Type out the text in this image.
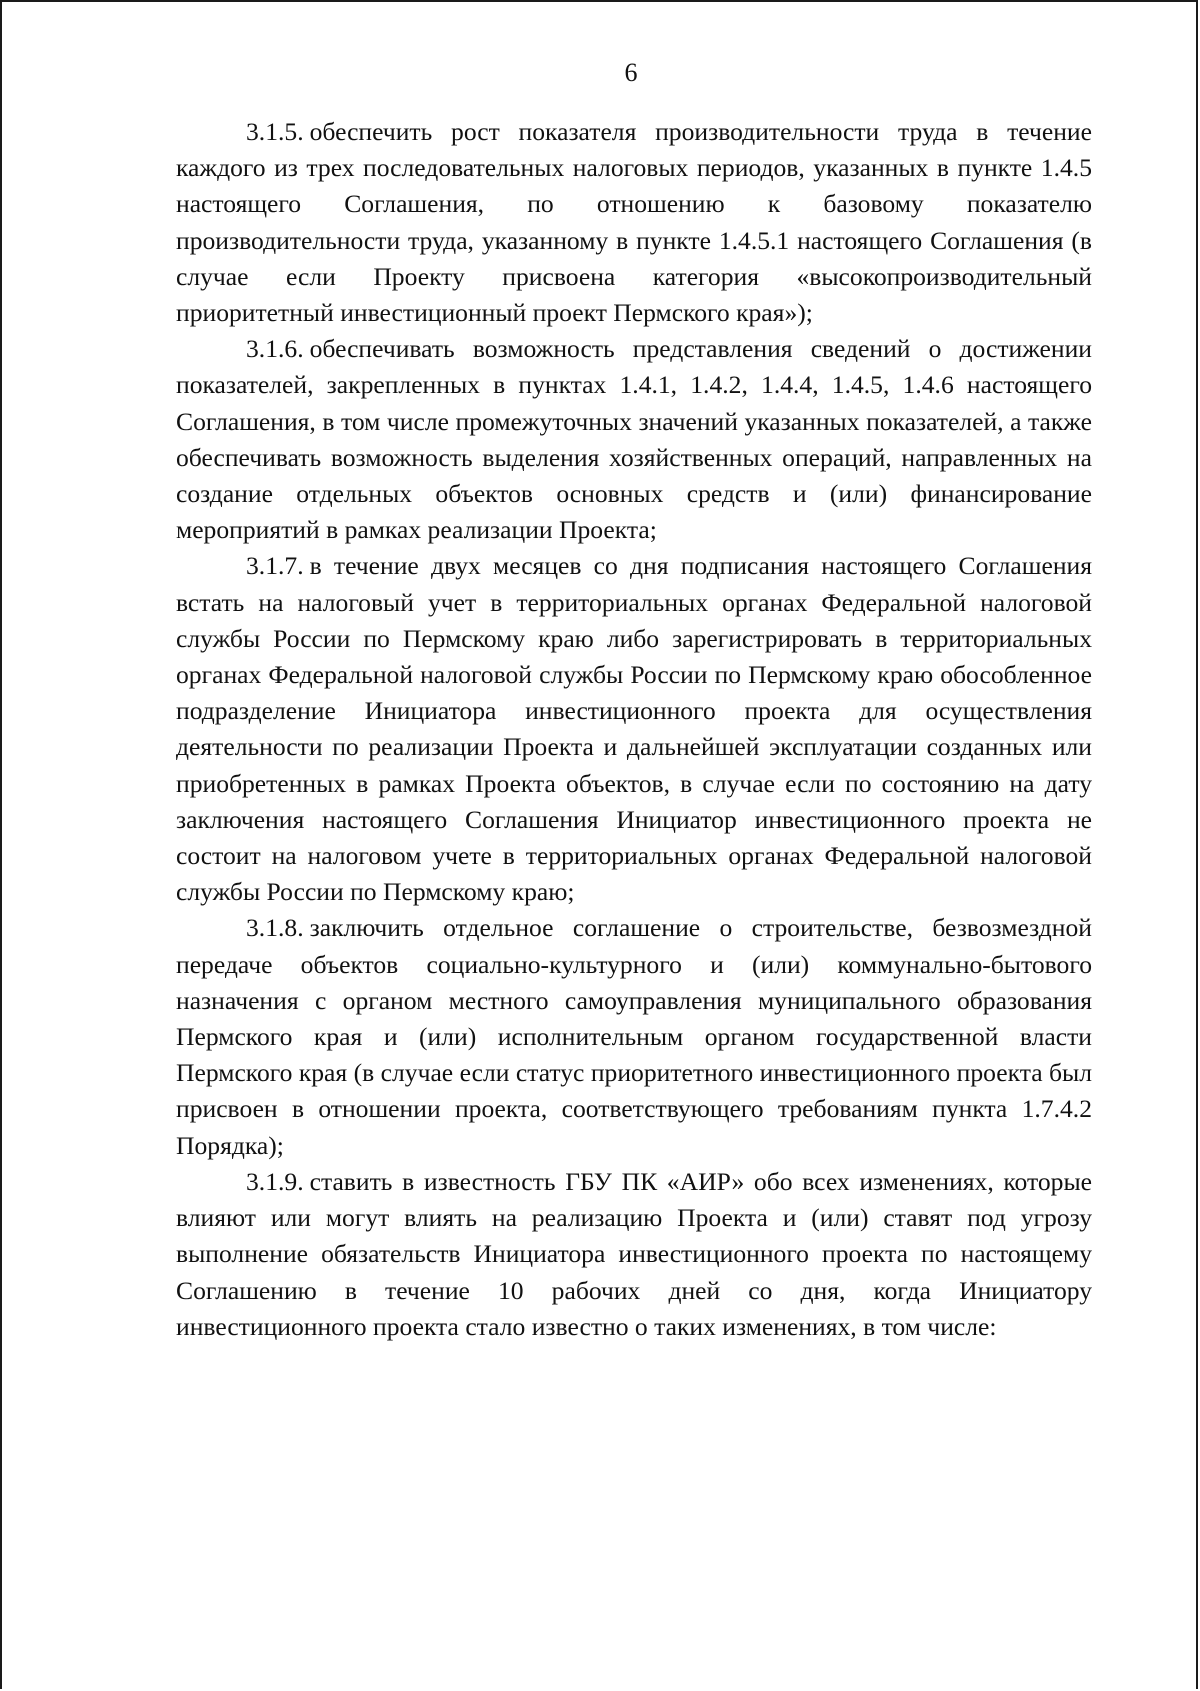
6

3.1.5. обеспечить рост показателя производительности труда в течение каждого из трех последовательных налоговых периодов, указанных в пункте 1.4.5 настоящего Соглашения, по отношению к базовому показателю производительности труда, указанному в пункте 1.4.5.1 настоящего Соглашения (в случае если Проекту присвоена категория «высокопроизводительный приоритетный инвестиционный проект Пермского края»);

3.1.6. обеспечивать возможность представления сведений о достижении показателей, закрепленных в пунктах 1.4.1, 1.4.2, 1.4.4, 1.4.5, 1.4.6 настоящего Соглашения, в том числе промежуточных значений указанных показателей, а также обеспечивать возможность выделения хозяйственных операций, направленных на создание отдельных объектов основных средств и (или) финансирование мероприятий в рамках реализации Проекта;

3.1.7. в течение двух месяцев со дня подписания настоящего Соглашения встать на налоговый учет в территориальных органах Федеральной налоговой службы России по Пермскому краю либо зарегистрировать в территориальных органах Федеральной налоговой службы России по Пермскому краю обособленное подразделение Инициатора инвестиционного проекта для осуществления деятельности по реализации Проекта и дальнейшей эксплуатации созданных или приобретенных в рамках Проекта объектов, в случае если по состоянию на дату заключения настоящего Соглашения Инициатор инвестиционного проекта не состоит на налоговом учете в территориальных органах Федеральной налоговой службы России по Пермскому краю;

3.1.8. заключить отдельное соглашение о строительстве, безвозмездной передаче объектов социально-культурного и (или) коммунально-бытового назначения с органом местного самоуправления муниципального образования Пермского края и (или) исполнительным органом государственной власти Пермского края (в случае если статус приоритетного инвестиционного проекта был присвоен в отношении проекта, соответствующего требованиям пункта 1.7.4.2 Порядка);

3.1.9. ставить в известность ГБУ ПК «АИР» обо всех изменениях, которые влияют или могут влиять на реализацию Проекта и (или) ставят под угрозу выполнение обязательств Инициатора инвестиционного проекта по настоящему Соглашению в течение 10 рабочих дней со дня, когда Инициатору инвестиционного проекта стало известно о таких изменениях, в том числе:
